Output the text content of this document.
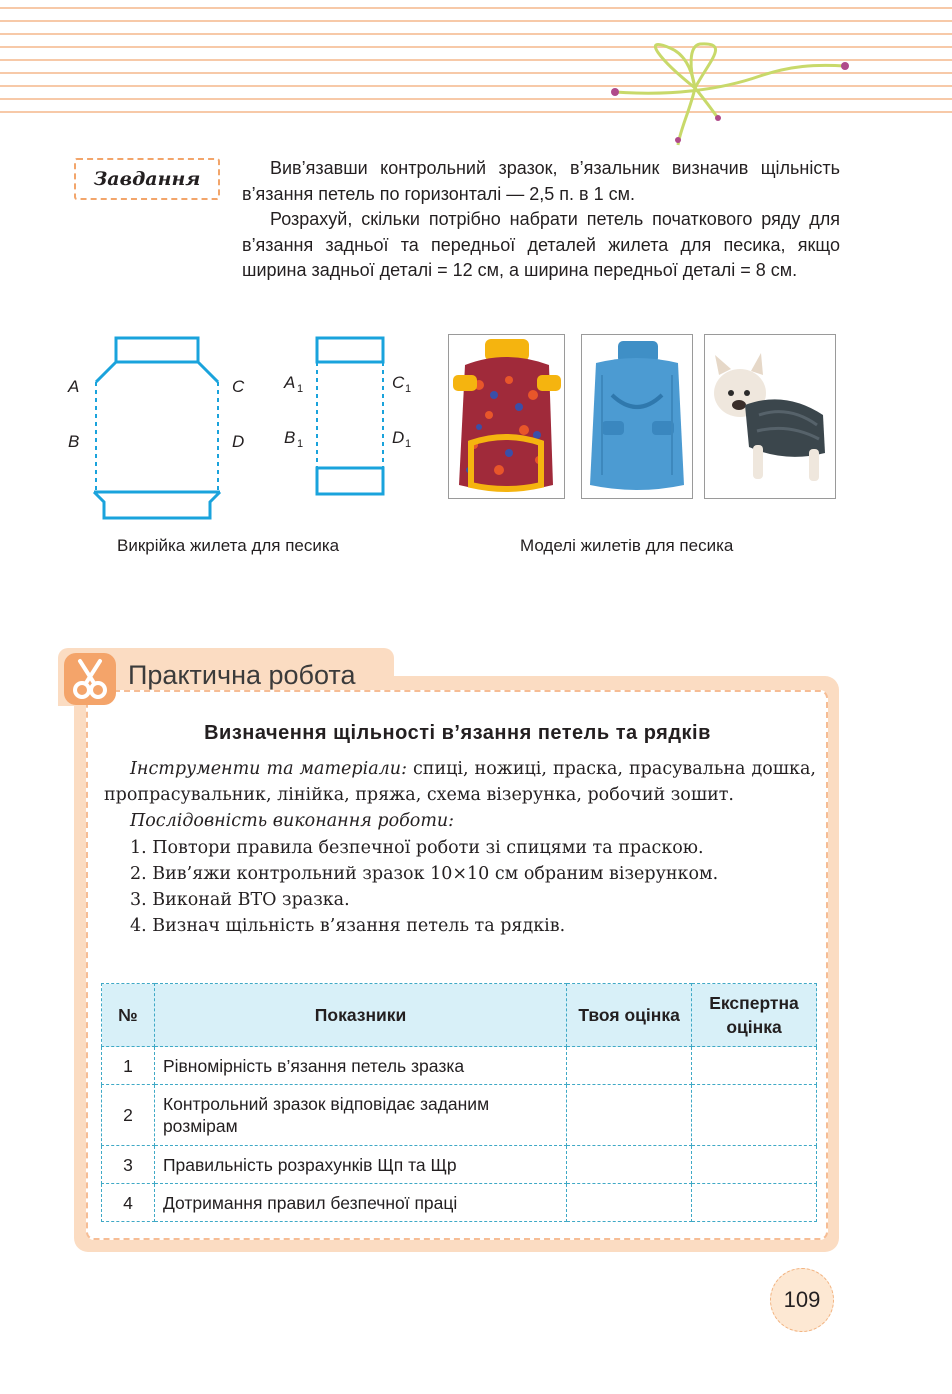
Завдання	Вив’язавши контрольний зразок, в’язальник визначив щільність в’язання петель по горизонталі — 2,5 п. в 1 см.

Розрахуй, скільки потрібно набрати петель початкового ряду для в’язання задньої та передньої деталей жилета для песика, якщо ширина задньої деталі = 12 см, а ширина передньої деталі = 8 см.

A
B
C
D
A 1
B 1
C 1
D 1
Викрійка жилета для песика	Моделі жилетів для песика
Практична робота
Визначення щільності в’язання петель та рядків

Інструменти та матеріали: спиці, ножиці, праска, прасувальна дошка, пропрасувальник, лінійка, пряжа, схема візерунка, робочий зошит.

Послідовність виконання роботи:

1. Повтори правила безпечної роботи зі спицями та праскою.
2. Вив’яжи контрольний зразок 10×10 см обраним візерунком.
3. Виконай ВТО зразка.
4. Визнач щільність в’язання петель та рядків.
№	Показники	Твоя оцінка	Експертна оцінка
1	Рівномірність в’язання петель зразка		
2	Контрольний зразок відповідає заданим розмірам		
3	Правильність розрахунків Щп та Щр		
4	Дотримання правил безпечної праці		
109
